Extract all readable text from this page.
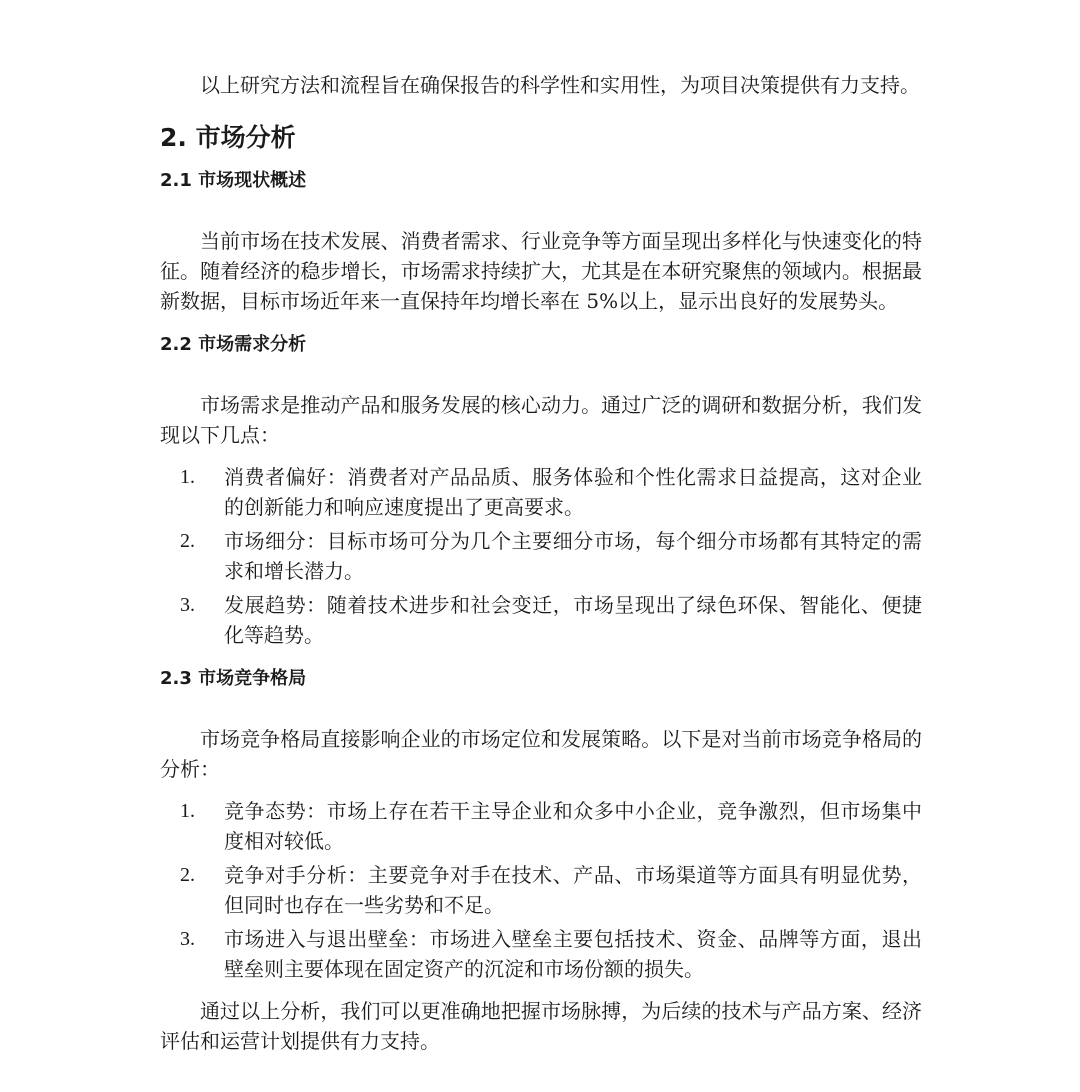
以上研究方法和流程旨在确保报告的科学性和实用性，为项目决策提供有力支持。

2. 市场分析
2.1 市场现状概述

当前市场在技术发展、消费者需求、行业竞争等方面呈现出多样化与快速变化的特征。随着经济的稳步增长，市场需求持续扩大，尤其是在本研究聚焦的领域内。根据最新数据，目标市场近年来一直保持年均增长率在 5%以上，显示出良好的发展势头。

2.2 市场需求分析

市场需求是推动产品和服务发展的核心动力。通过广泛的调研和数据分析，我们发现以下几点：

1. 消费者偏好：消费者对产品品质、服务体验和个性化需求日益提高，这对企业的创新能力和响应速度提出了更高要求。
2. 市场细分：目标市场可分为几个主要细分市场，每个细分市场都有其特定的需求和增长潜力。
3. 发展趋势：随着技术进步和社会变迁，市场呈现出了绿色环保、智能化、便捷化等趋势。
2.3 市场竞争格局

市场竞争格局直接影响企业的市场定位和发展策略。以下是对当前市场竞争格局的分析：

1. 竞争态势：市场上存在若干主导企业和众多中小企业，竞争激烈，但市场集中度相对较低。
2. 竞争对手分析：主要竞争对手在技术、产品、市场渠道等方面具有明显优势，但同时也存在一些劣势和不足。
3. 市场进入与退出壁垒：市场进入壁垒主要包括技术、资金、品牌等方面，退出壁垒则主要体现在固定资产的沉淀和市场份额的损失。

通过以上分析，我们可以更准确地把握市场脉搏，为后续的技术与产品方案、经济评估和运营计划提供有力支持。
